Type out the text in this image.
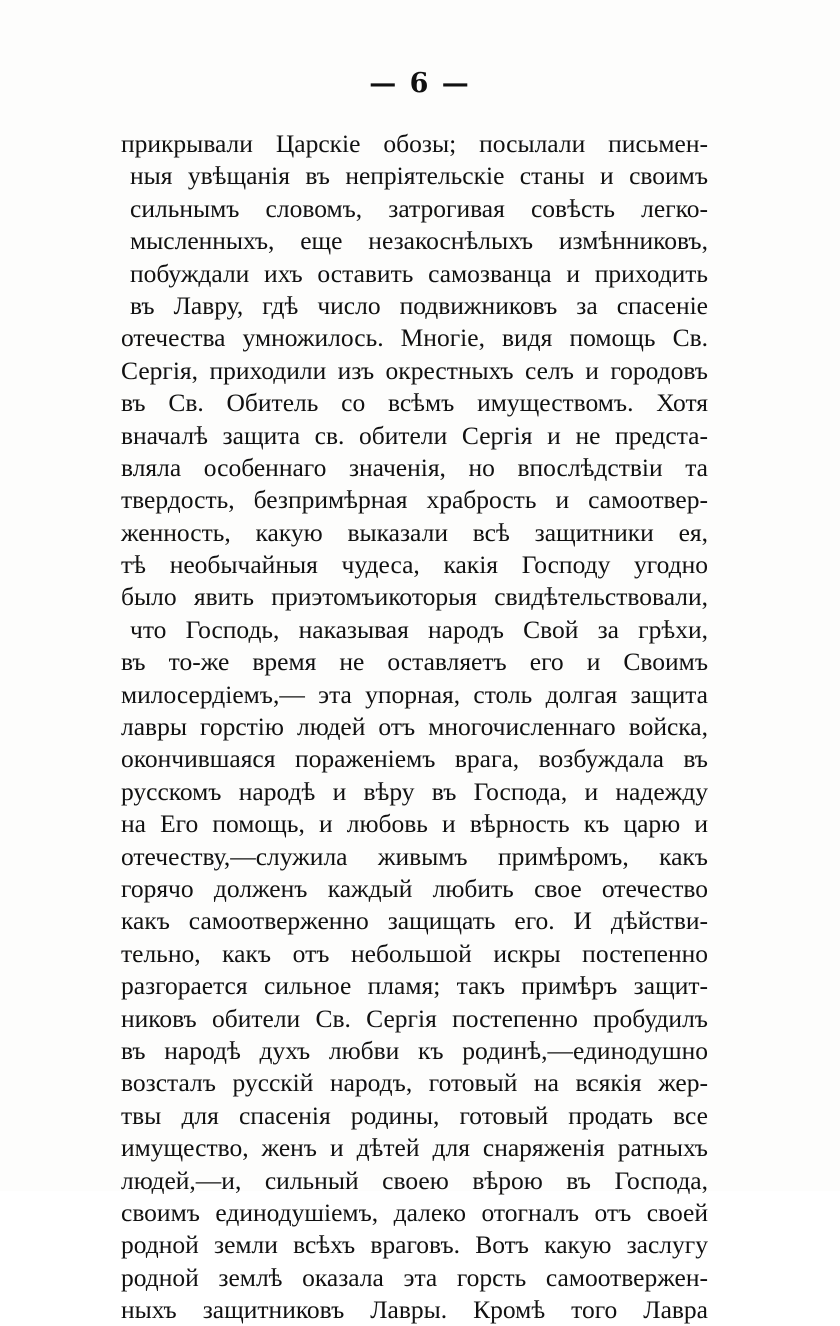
— 6 —
прикрывали Царскіе обозы; посылали письмен-
ныя увѣщанія въ непріятельскіе станы и своимъ
сильнымъ словомъ, затрогивая совѣсть легко-
мысленныхъ, еще незакоснѣлыхъ измѣнниковъ,
побуждали ихъ оставить самозванца и приходить
въ Лавру, гдѣ число подвижниковъ за спасеніе
отечества умножилось. Многіе, видя помощь Св.
Сергія, приходили изъ окрестныхъ селъ и городовъ
въ Св. Обитель со всѣмъ имуществомъ. Хотя
вначалѣ защита св. обители Сергія и не предста-
вляла особеннаго значенія, но впослѣдствіи та
твердость, безпримѣрная храбрость и самоотвер-
женность, какую выказали всѣ защитники ея,
тѣ необычайныя чудеса, какія Господу угодно
было явить приэтомъикоторыя свидѣтельствовали,
что Господь, наказывая народъ Свой за грѣхи,
въ то-же время не оставляетъ его и Своимъ
милосердіемъ,— эта упорная, столь долгая защита
лавры горстію людей отъ многочисленнаго войска,
окончившаяся пораженіемъ врага, возбуждала въ
русскомъ народѣ и вѣру въ Господа, и надежду
на Его помощь, и любовь и вѣрность къ царю и
отечеству,—служила живымъ примѣромъ, какъ
горячо долженъ каждый любить свое отечество
какъ самоотверженно защищать его. И дѣйстви-
тельно, какъ отъ небольшой искры постепенно
разгорается сильное пламя; такъ примѣръ защит-
никовъ обители Св. Сергія постепенно пробудилъ
въ народѣ духъ любви къ родинѣ,—единодушно
возсталъ русскій народъ, готовый на всякія жер-
твы для спасенія родины, готовый продать все
имущество, женъ и дѣтей для снаряженія ратныхъ
людей,—и, сильный своею вѣрою въ Господа,
своимъ единодушіемъ, далеко отогналъ отъ своей
родной земли всѣхъ враговъ. Вотъ какую заслугу
родной землѣ оказала эта горсть самоотвержен-
ныхъ защитниковъ Лавры. Кромѣ того Лавра
